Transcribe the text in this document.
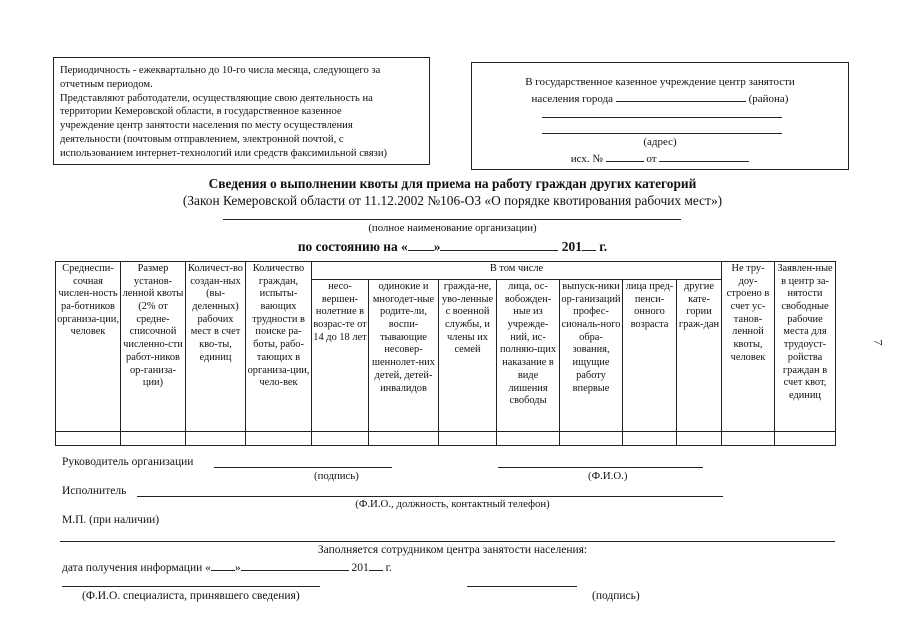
Периодичность - ежеквартально до 10-го числа месяца, следующего за
отчетным периодом.
Представляют работодатели, осуществляющие свою деятельность на
территории Кемеровской области, в государственное казенное
учреждение центр занятости населения по месту осуществления
деятельности (почтовым отправлением, электронной почтой, с
использованием интернет-технологий или средств факсимильной связи)
В государственное казенное учреждение центр занятости
населения города	(района)
(адрес)
исх. №	от
Сведения о выполнении квоты для приема на работу граждан других категорий
(Закон Кемеровской области от 11.12.2002 №106-ОЗ «О порядке квотирования рабочих мест»)
(полное наименование организации)
по состоянию на « »	201 г.
Среднеспи-сочная числен-ность ра-ботников организа-ции, человек	Размер установ-ленной квоты (2% от средне-списочной численно-сти работ-ников ор-ганиза-ции)	Количест-во создан-ных (вы-деленных) рабочих мест в счет кво-ты, единиц	Количество граждан, испыты-вающих трудности в поиске ра-боты, рабо-тающих в организа-ции, чело-век	В том числе							Не тру-доу-строено в счет ус-танов-ленной квоты, человек	Заявлен-ные в центр за-нятости свободные рабочие места для трудоуст-ройства граждан в счет квот, единиц
				несо-вершен-нолетние в возрас-те от 14 до 18 лет	одинокие и многодет-ные родите-ли, воспи-тывающие несовер-шеннолет-них детей, детей-инвалидов	гражда-не, уво-ленные с военной службы, и члены их семей	лица, ос-вобожден-ные из учрежде-ний, ис-полняю-щих наказание в виде лишения свободы	выпуск-ники ор-ганизаций профес-сиональ-ного обра-зования, ищущие работу впервые	лица пред-пенси-онного возраста	другие кате-гории граж-дан		

Руководитель организации
(подпись)	(Ф.И.О.)
Исполнитель
(Ф.И.О., должность, контактный телефон)
М.П. (при наличии)
Заполняется сотрудником центра занятости населения:
дата получения информации « »	201 г.
(Ф.И.О. специалиста, принявшего сведения)	(подпись)
7
